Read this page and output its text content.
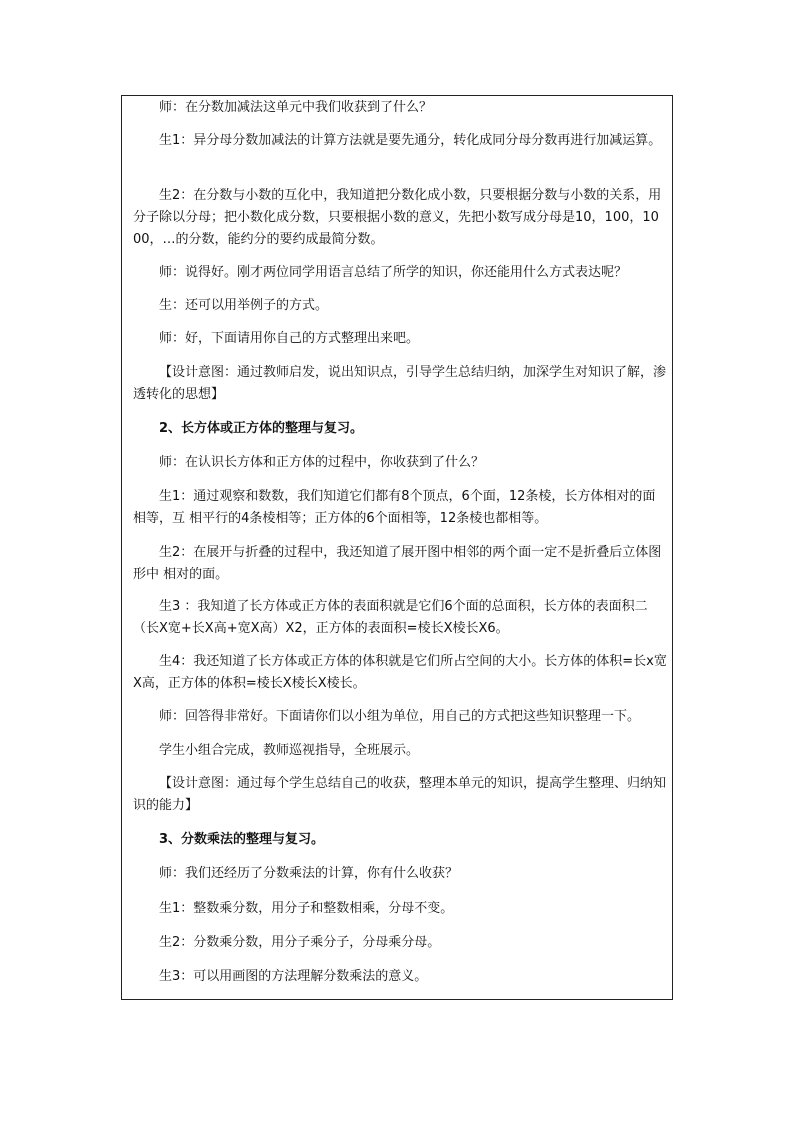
师：在分数加减法这单元中我们收获到了什么？

生1：异分母分数加减法的计算方法就是要先通分，转化成同分母分数再进行加减运算。

生2：在分数与小数的互化中，我知道把分数化成小数，只要根据分数与小数的关系，用分子除以分母；把小数化成分数，只要根据小数的意义，先把小数写成分母是10，100，1000，…的分数，能约分的要约成最简分数。

师：说得好。刚才两位同学用语言总结了所学的知识，你还能用什么方式表达呢？

生：还可以用举例子的方式。

师：好，下面请用你自己的方式整理出来吧。

【设计意图：通过教师启发，说出知识点，引导学生总结归纳，加深学生对知识了解，渗透转化的思想】

2、长方体或正方体的整理与复习。

师：在认识长方体和正方体的过程中，你收获到了什么？

生1：通过观察和数数，我们知道它们都有8个顶点，6个面，12条棱，长方体相对的面相等，互 相平行的4条棱相等；正方体的6个面相等，12条棱也都相等。

生2：在展开与折叠的过程中，我还知道了展开图中相邻的两个面一定不是折叠后立体图形中 相对的面。

生3 ：我知道了长方体或正方体的表面积就是它们6个面的总面积，长方体的表面积二（长X宽+长X高+宽X高）X2，正方体的表面积=棱长X棱长X6。

生4：我还知道了长方体或正方体的体积就是它们所占空间的大小。长方体的体积=长x宽X高，正方体的体积=棱长X棱长X棱长。

师：回答得非常好。下面请你们以小组为单位，用自己的方式把这些知识整理一下。

学生小组合完成，教师巡视指导，全班展示。

【设计意图：通过每个学生总结自己的收获，整理本单元的知识，提高学生整理、归纳知识的能力】

3、分数乘法的整理与复习。

师：我们还经历了分数乘法的计算，你有什么收获？

生1：整数乘分数，用分子和整数相乘，分母不变。

生2：分数乘分数，用分子乘分子，分母乘分母。

生3：可以用画图的方法理解分数乘法的意义。
